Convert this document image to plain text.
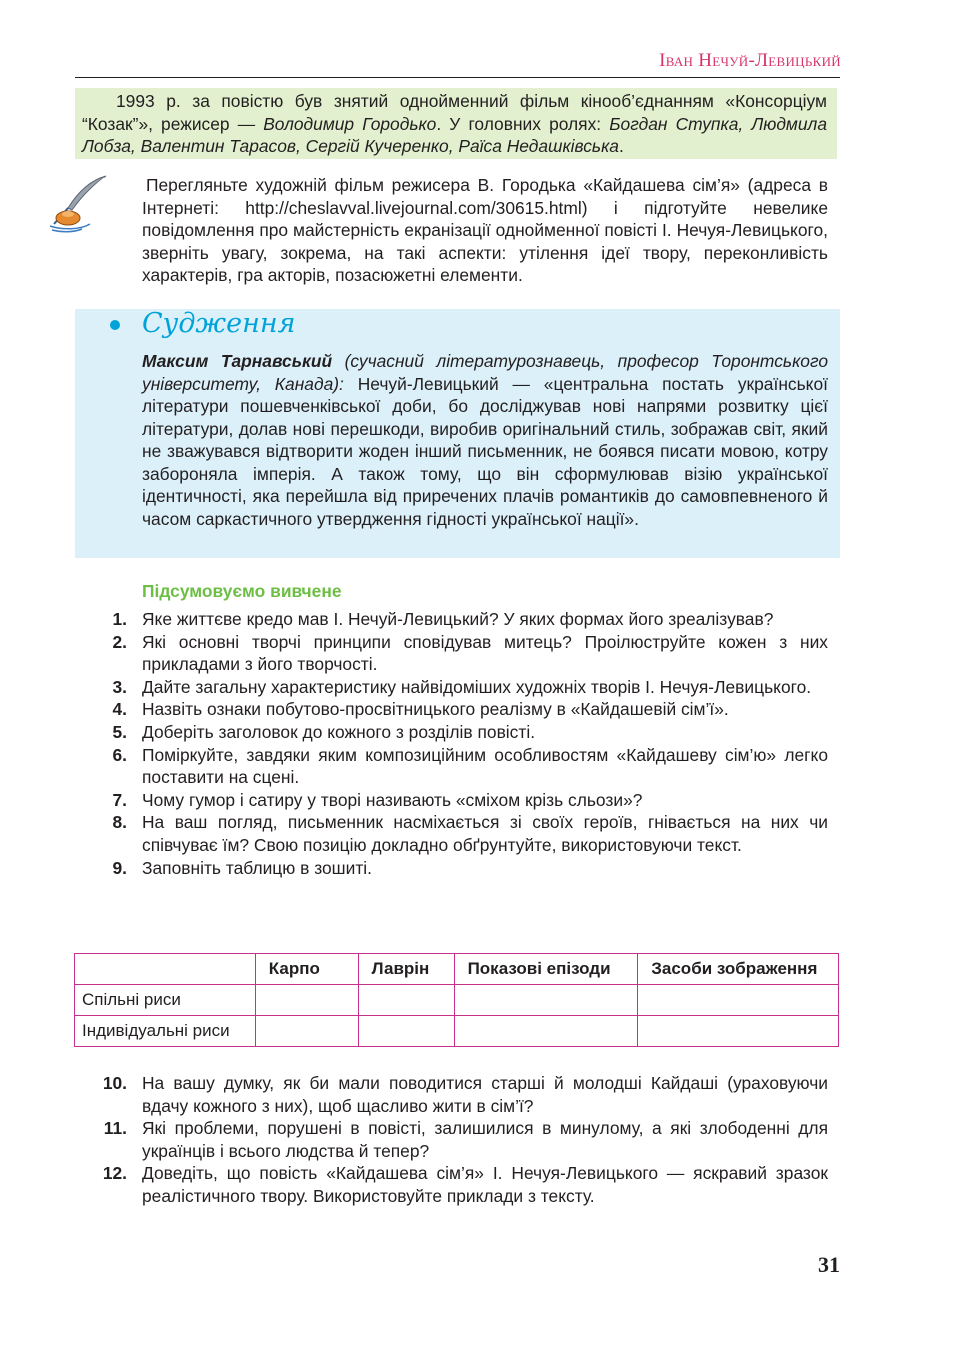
Іван Нечуй-Левицький

1993 р. за повістю був знятий однойменний фільм кінооб’єднанням «Консорціум “Козак”», режисер — Володимир Городько. У головних ролях: Богдан Ступка, Людмила Лобза, Валентин Тарасов, Сергій Кучеренко, Раїса Недашківська.

Перегляньте художній фільм режисера В. Городька «Кайдашева сім’я» (адреса в Інтернеті: http://cheslavval.livejournal.com/30615.html) і підготуйте невелике повідомлення про майстерність екранізації однойменної повісті І. Нечуя-Левицького, зверніть увагу, зокрема, на такі аспекти: утілення ідеї твору, переконливість характерів, гра акторів, позасюжетні елементи.

Судження

Максим Тарнавський (сучасний літературознавець, професор Торонтського університету, Канада): Нечуй-Левицький — «центральна постать української літератури пошевченківської доби, бо досліджував нові напрями розвитку цієї літератури, долав нові перешкоди, виробив оригінальний стиль, зображав світ, який не зважувався відтворити жоден інший письменник, не боявся писати мовою, котру забороняла імперія. А також тому, що він сформулював візію української ідентичності, яка перейшла від приречених плачів романтиків до самовпевненого й часом саркастичного утвердження гідності української нації».

Підсумовуємо вивчене
1. Яке життєве кредо мав І. Нечуй-Левицький? У яких формах його зреалізував?
2. Які основні творчі принципи сповідував митець? Проілюструйте кожен з них прикладами з його творчості.
3. Дайте загальну характеристику найвідоміших художніх творів І. Нечуя-Левицького.
4. Назвіть ознаки побутово-просвітницького реалізму в «Кайдашевій сім’ї».
5. Доберіть заголовок до кожного з розділів повісті.
6. Поміркуйте, завдяки яким композиційним особливостям «Кайдашеву сім’ю» легко поставити на сцені.
7. Чому гумор і сатиру у творі називають «сміхом крізь сльози»?
8. На ваш погляд, письменник насміхається зі своїх героїв, гнівається на них чи співчуває їм? Свою позицію докладно обґрунтуйте, використовуючи текст.
9. Заповніть таблицю в зошиті.
	Карпо	Лаврін	Показові епізоди	Засоби зображення
Спільні риси				
Індивідуальні риси				
10. На вашу думку, як би мали поводитися старші й молодші Кайдаші (ураховуючи вдачу кожного з них), щоб щасливо жити в сім’ї?
11. Які проблеми, порушені в повісті, залишилися в минулому, а які злободенні для українців і всього людства й тепер?
12. Доведіть, що повість «Кайдашева сім’я» І. Нечуя-Левицького — яскравий зразок реалістичного твору. Використовуйте приклади з тексту.
31
